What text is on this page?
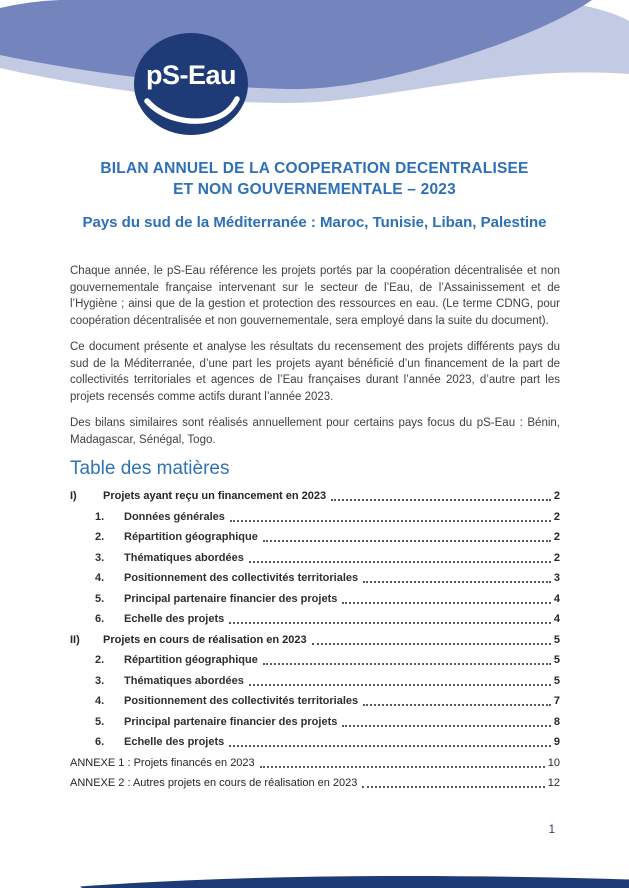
pS-Eau
BILAN ANNUEL DE LA COOPERATION DECENTRALISEE
ET NON GOUVERNEMENTALE – 2023
Pays du sud de la Méditerranée : Maroc, Tunisie, Liban, Palestine

Chaque année, le pS-Eau référence les projets portés par la coopération décentralisée et non gouvernementale française intervenant sur le secteur de l’Eau, de l’Assainissement et de l’Hygiène ; ainsi que de la gestion et protection des ressources en eau. (Le terme CDNG, pour coopération décentralisée et non gouvernementale, sera employé dans la suite du document).

Ce document présente et analyse les résultats du recensement des projets différents pays du sud de la Méditerranée, d’une part les projets ayant bénéficié d’un financement de la part de collectivités territoriales et agences de l’Eau françaises durant l’année 2023, d’autre part les projets recensés comme actifs durant l’année 2023.

Des bilans similaires sont réalisés annuellement pour certains pays focus du pS-Eau : Bénin, Madagascar, Sénégal, Togo.

Table des matières
I)	Projets ayant reçu un financement en 2023	2
1.	Données générales	2
2.	Répartition géographique	2
3.	Thématiques abordées	2
4.	Positionnement des collectivités territoriales	3
5.	Principal partenaire financier des projets	4
6.	Echelle des projets	4
II)	Projets en cours de réalisation en 2023	5
2.	Répartition géographique	5
3.	Thématiques abordées	5
4.	Positionnement des collectivités territoriales	7
5.	Principal partenaire financier des projets	8
6.	Echelle des projets	9
ANNEXE 1 : Projets financés en 2023	10
ANNEXE 2 : Autres projets en cours de réalisation en 2023	12
1
